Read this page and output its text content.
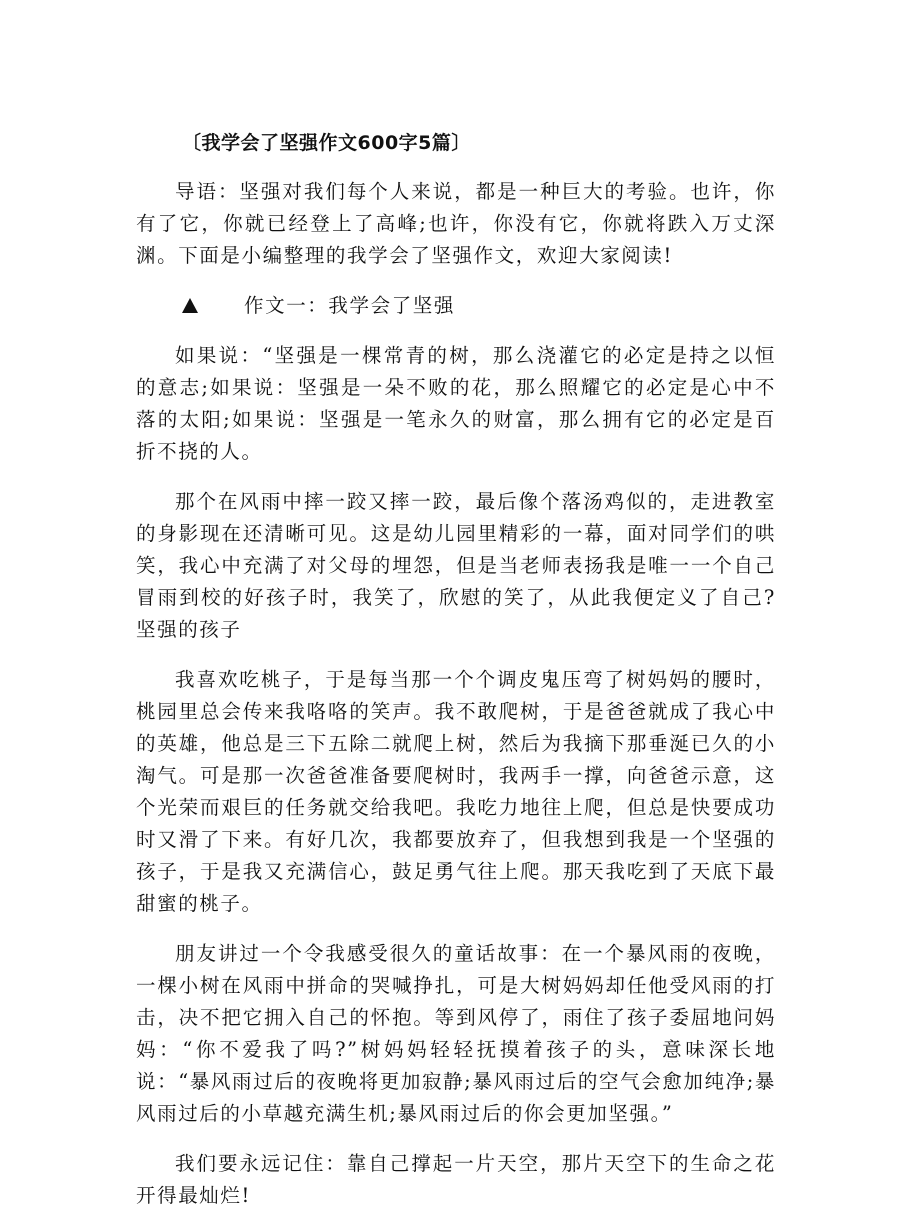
〔我学会了坚强作文600字5篇〕

导语：坚强对我们每个人来说，都是一种巨大的考验。也许，你有了它，你就已经登上了高峰;也许，你没有它，你就将跌入万丈深渊。下面是小编整理的我学会了坚强作文，欢迎大家阅读!

作文一：我学会了坚强

如果说：“坚强是一棵常青的树，那么浇灌它的必定是持之以恒的意志;如果说：坚强是一朵不败的花，那么照耀它的必定是心中不落的太阳;如果说：坚强是一笔永久的财富，那么拥有它的必定是百折不挠的人。

那个在风雨中摔一跤又摔一跤，最后像个落汤鸡似的，走进教室的身影现在还清晰可见。这是幼儿园里精彩的一幕，面对同学们的哄笑，我心中充满了对父母的埋怨，但是当老师表扬我是唯一一个自己冒雨到校的好孩子时，我笑了，欣慰的笑了，从此我便定义了自己?坚强的孩子

我喜欢吃桃子，于是每当那一个个调皮鬼压弯了树妈妈的腰时，桃园里总会传来我咯咯的笑声。我不敢爬树，于是爸爸就成了我心中的英雄，他总是三下五除二就爬上树，然后为我摘下那垂涎已久的小淘气。可是那一次爸爸准备要爬树时，我两手一撑，向爸爸示意，这个光荣而艰巨的任务就交给我吧。我吃力地往上爬，但总是快要成功时又滑了下来。有好几次，我都要放弃了，但我想到我是一个坚强的孩子，于是我又充满信心，鼓足勇气往上爬。那天我吃到了天底下最甜蜜的桃子。

朋友讲过一个令我感受很久的童话故事：在一个暴风雨的夜晚，一棵小树在风雨中拼命的哭喊挣扎，可是大树妈妈却任他受风雨的打击，决不把它拥入自己的怀抱。等到风停了，雨住了孩子委屈地问妈妈：“你不爱我了吗?”树妈妈轻轻抚摸着孩子的头，意味深长地说：“暴风雨过后的夜晚将更加寂静;暴风雨过后的空气会愈加纯净;暴风雨过后的小草越充满生机;暴风雨过后的你会更加坚强。”

我们要永远记住：靠自己撑起一片天空，那片天空下的生命之花开得最灿烂!
